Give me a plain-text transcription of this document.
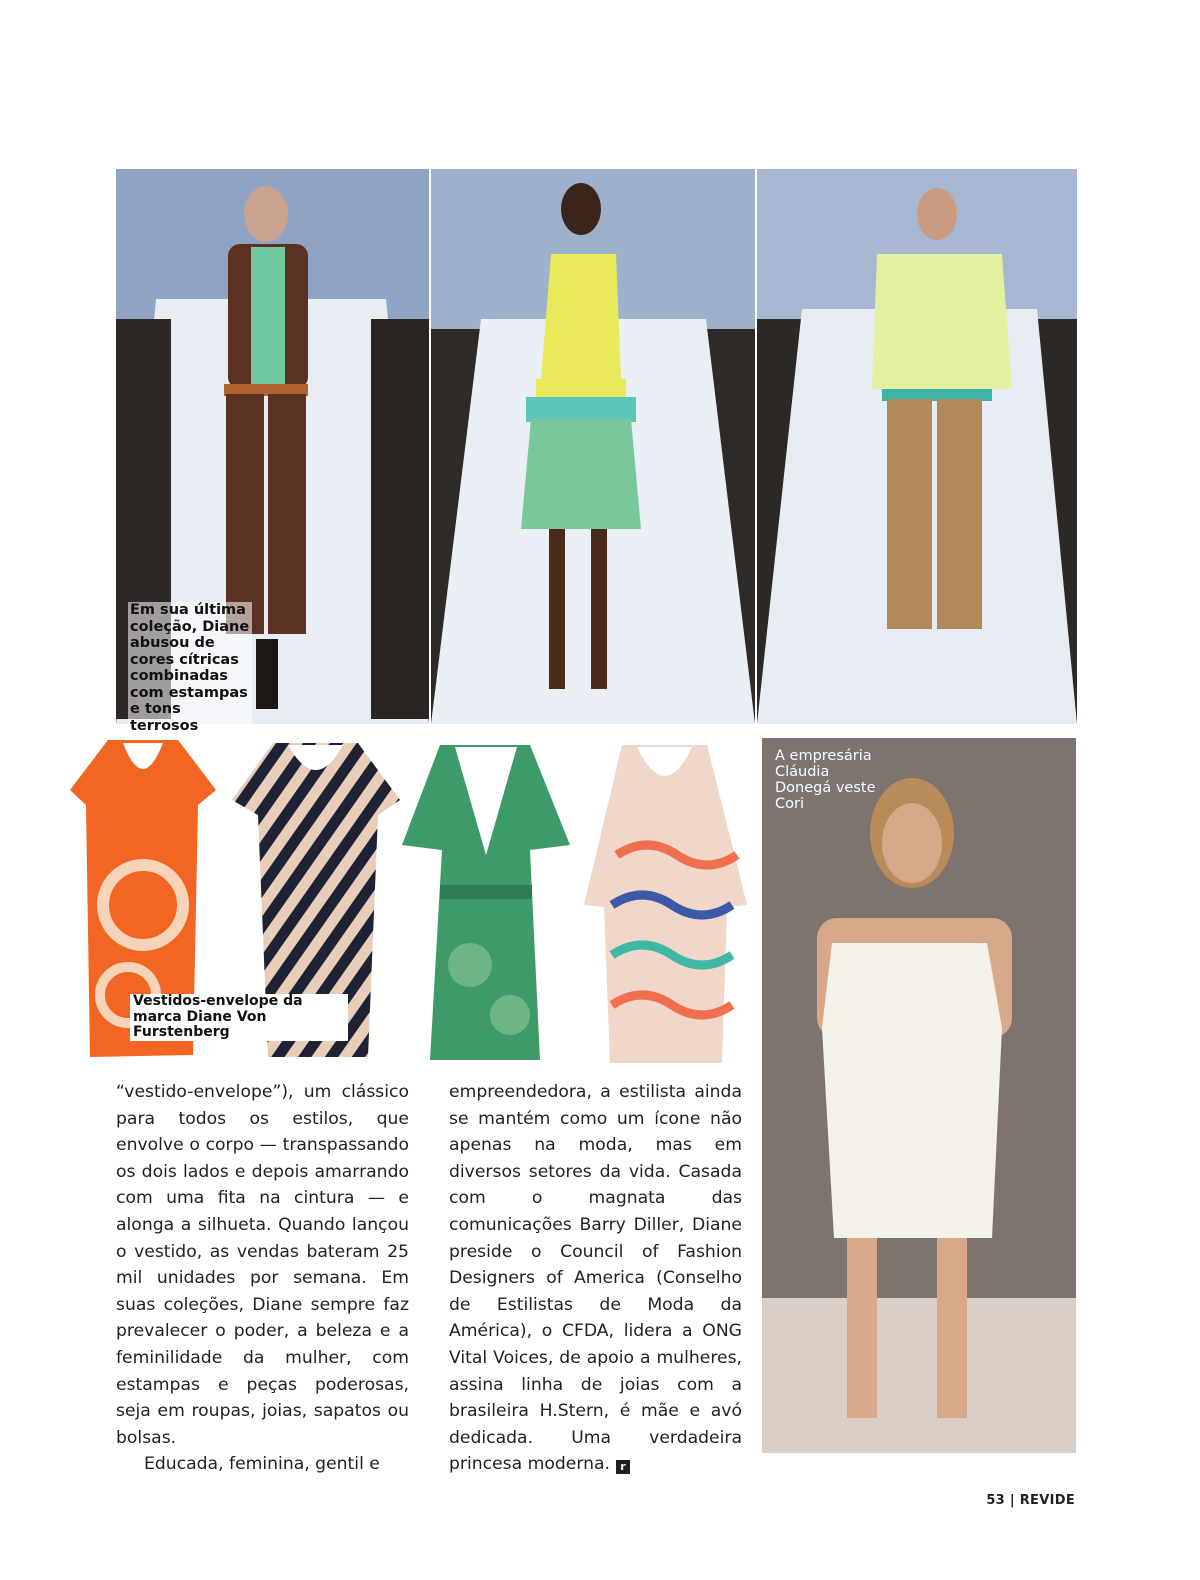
Em sua última coleção, Diane abusou de cores cítricas combinadas com estampas e tons terrosos
Vestidos-envelope da marca Diane Von Furstenberg
A empresária Cláudia Donegá veste Cori

“vestido-envelope”), um clássico para todos os estilos, que envolve o corpo — transpassando os dois lados e depois amarrando com uma fita na cintura — e alonga a silhueta. Quando lançou o vestido, as vendas bateram 25 mil unidades por semana. Em suas coleções, Diane sempre faz prevalecer o poder, a beleza e a feminilidade da mulher, com estampas e peças poderosas, seja em roupas, joias, sapatos ou bolsas.

Educada, feminina, gentil e

empreendedora, a estilista ainda se mantém como um ícone não apenas na moda, mas em diversos setores da vida. Casada com o magnata das comunicações Barry Diller, Diane preside o Council of Fashion Designers of America (Conselho de Estilistas de Moda da América), o CFDA, lidera a ONG Vital Voices, de apoio a mulheres, assina linha de joias com a brasileira H.Stern, é mãe e avó dedicada. Uma verdadeira princesa moderna. r

53 | REVIDE
